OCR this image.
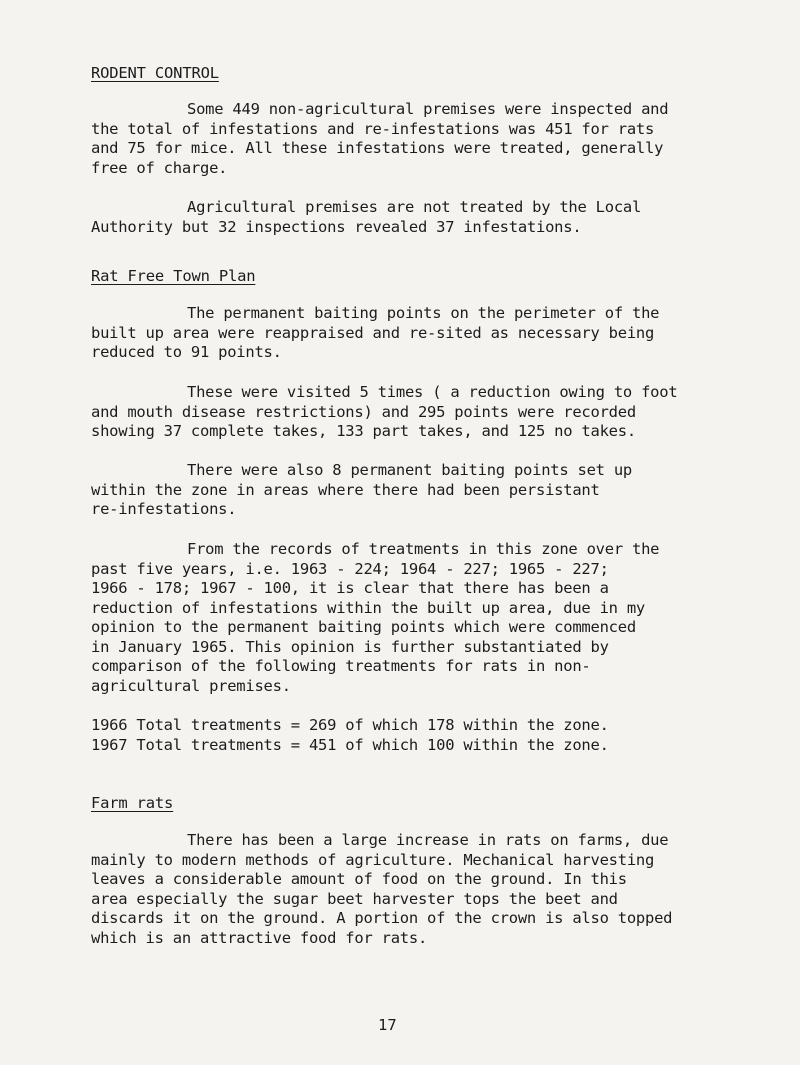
RODENT CONTROL
Some 449 non-agricultural premises were inspected and
the total of infestations and re-infestations was 451 for rats
and 75 for mice. All these infestations were treated, generally
free of charge.
Agricultural premises are not treated by the Local
Authority but 32 inspections revealed 37 infestations.
Rat Free Town Plan
The permanent baiting points on the perimeter of the
built up area were reappraised and re-sited as necessary being
reduced to 91 points.
These were visited 5 times ( a reduction owing to foot
and mouth disease restrictions) and 295 points were recorded
showing 37 complete takes, 133 part takes, and 125 no takes.
There were also 8 permanent baiting points set up
within the zone in areas where there had been persistant
re-infestations.
From the records of treatments in this zone over the
past five years, i.e. 1963 - 224; 1964 - 227; 1965 - 227;
1966 - 178; 1967 - 100, it is clear that there has been a
reduction of infestations within the built up area, due in my
opinion to the permanent baiting points which were commenced
in January 1965. This opinion is further substantiated by
comparison of the following treatments for rats in non-
agricultural premises.
1966 Total treatments = 269 of which 178 within the zone.
1967 Total treatments = 451 of which 100 within the zone.
Farm rats
There has been a large increase in rats on farms, due
mainly to modern methods of agriculture. Mechanical harvesting
leaves a considerable amount of food on the ground. In this
area especially the sugar beet harvester tops the beet and
discards it on the ground. A portion of the crown is also topped
which is an attractive food for rats.
17
